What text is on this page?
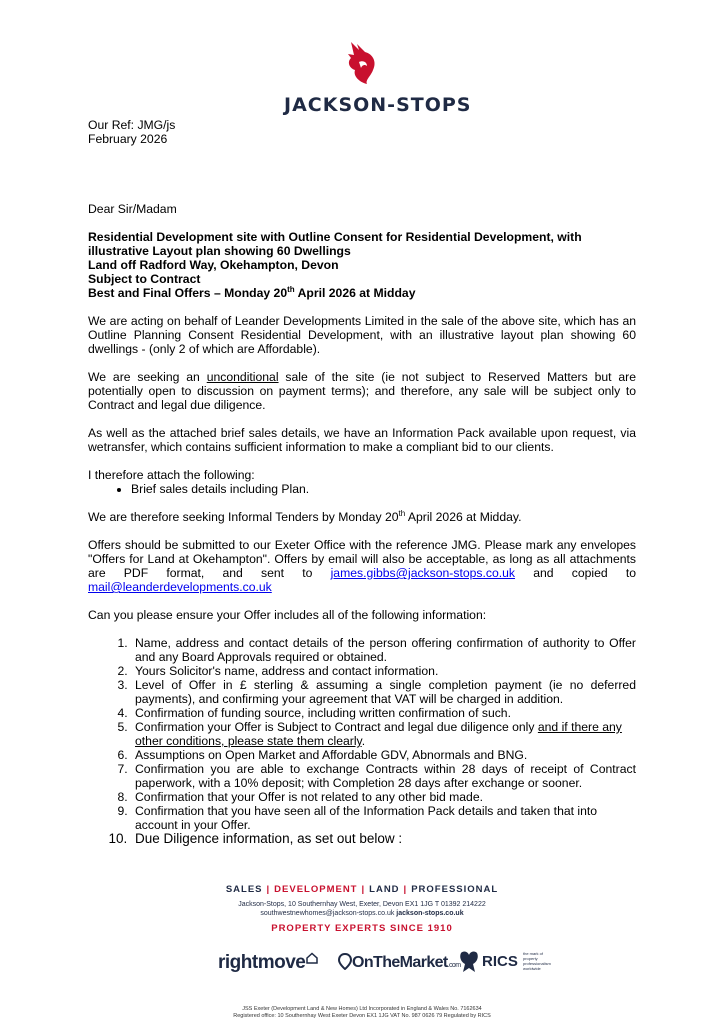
JACKSON-STOPS

Our Ref: JMG/js

February 2026

Dear Sir/Madam

Residential Development site with Outline Consent for Residential Development, with illustrative Layout plan showing 60 Dwellings

Land off Radford Way, Okehampton, Devon

Subject to Contract

Best and Final Offers – Monday 20th April 2026 at Midday

We are acting on behalf of Leander Developments Limited in the sale of the above site, which has an Outline Planning Consent Residential Development, with an illustrative layout plan showing 60 dwellings - (only 2 of which are Affordable).

We are seeking an unconditional sale of the site (ie not subject to Reserved Matters but are potentially open to discussion on payment terms); and therefore, any sale will be subject only to Contract and legal due diligence.

As well as the attached brief sales details, we have an Information Pack available upon request, via wetransfer, which contains sufficient information to make a compliant bid to our clients.

I therefore attach the following:

• Brief sales details including Plan.

We are therefore seeking Informal Tenders by Monday 20th April 2026 at Midday.

Offers should be submitted to our Exeter Office with the reference JMG. Please mark any envelopes "Offers for Land at Okehampton". Offers by email will also be acceptable, as long as all attachments are PDF format, and sent to james.gibbs@jackson-stops.co.uk and copied to mail@leanderdevelopments.co.uk

Can you please ensure your Offer includes all of the following information:

1. Name, address and contact details of the person offering confirmation of authority to Offer and any Board Approvals required or obtained.
2. Yours Solicitor's name, address and contact information.
3. Level of Offer in £ sterling & assuming a single completion payment (ie no deferred payments), and confirming your agreement that VAT will be charged in addition.
4. Confirmation of funding source, including written confirmation of such.
5. Confirmation your Offer is Subject to Contract and legal due diligence only and if there any other conditions, please state them clearly.
6. Assumptions on Open Market and Affordable GDV, Abnormals and BNG.
7. Confirmation you are able to exchange Contracts within 28 days of receipt of Contract paperwork, with a 10% deposit; with Completion 28 days after exchange or sooner.
8. Confirmation that your Offer is not related to any other bid made.
9. Confirmation that you have seen all of the Information Pack details and taken that into account in your Offer.
10. Due Diligence information, as set out below :
SALES | DEVELOPMENT | LAND | PROFESSIONAL
Jackson-Stops, 10 Southernhay West, Exeter, Devon EX1 1JG T 01392 214222
southwestnewhomes@jackson-stops.co.uk jackson-stops.co.uk
PROPERTY EXPERTS SINCE 1910
rightmove	OnTheMarket.com RICS the mark of property professionalism worldwide
JSS Exeter (Development Land & New Homes) Ltd Incorporated in England & Wales No. 7162634
Registered office: 10 Southernhay West Exeter Devon EX1 1JG VAT No. 987 0626 79 Regulated by RICS
